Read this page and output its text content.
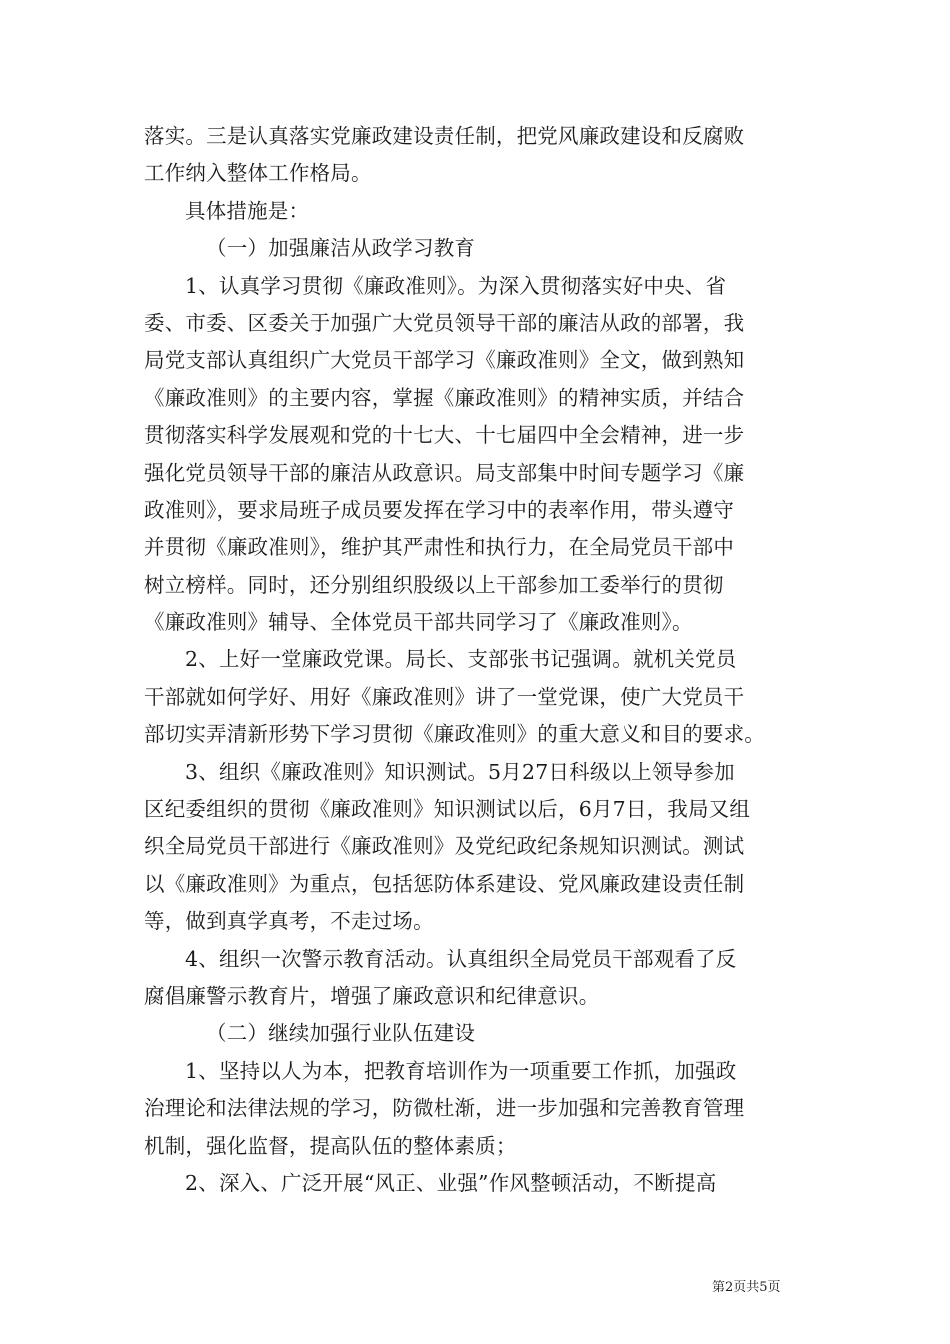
落实。三是认真落实党廉政建设责任制，把党风廉政建设和反腐败
工作纳入整体工作格局。
具体措施是：
（一）加强廉洁从政学习教育
1、认真学习贯彻《廉政准则》。为深入贯彻落实好中央、省
委、市委、区委关于加强广大党员领导干部的廉洁从政的部署，我
局党支部认真组织广大党员干部学习《廉政准则》全文，做到熟知
《廉政准则》的主要内容，掌握《廉政准则》的精神实质，并结合
贯彻落实科学发展观和党的十七大、十七届四中全会精神，进一步
强化党员领导干部的廉洁从政意识。局支部集中时间专题学习《廉
政准则》，要求局班子成员要发挥在学习中的表率作用，带头遵守
并贯彻《廉政准则》，维护其严肃性和执行力，在全局党员干部中
树立榜样。同时，还分别组织股级以上干部参加工委举行的贯彻
《廉政准则》辅导、全体党员干部共同学习了《廉政准则》。
2、上好一堂廉政党课。局长、支部张书记强调。就机关党员
干部就如何学好、用好《廉政准则》讲了一堂党课，使广大党员干
部切实弄清新形势下学习贯彻《廉政准则》的重大意义和目的要求。
3、组织《廉政准则》知识测试。5月27日科级以上领导参加
区纪委组织的贯彻《廉政准则》知识测试以后，6月7日，我局又组
织全局党员干部进行《廉政准则》及党纪政纪条规知识测试。测试
以《廉政准则》为重点，包括惩防体系建设、党风廉政建设责任制
等，做到真学真考，不走过场。
4、组织一次警示教育活动。认真组织全局党员干部观看了反
腐倡廉警示教育片，增强了廉政意识和纪律意识。
（二）继续加强行业队伍建设
1、坚持以人为本，把教育培训作为一项重要工作抓，加强政
治理论和法律法规的学习，防微杜渐，进一步加强和完善教育管理
机制，强化监督，提高队伍的整体素质；
2、深入、广泛开展“风正、业强”作风整顿活动，不断提高
第2页共5页
